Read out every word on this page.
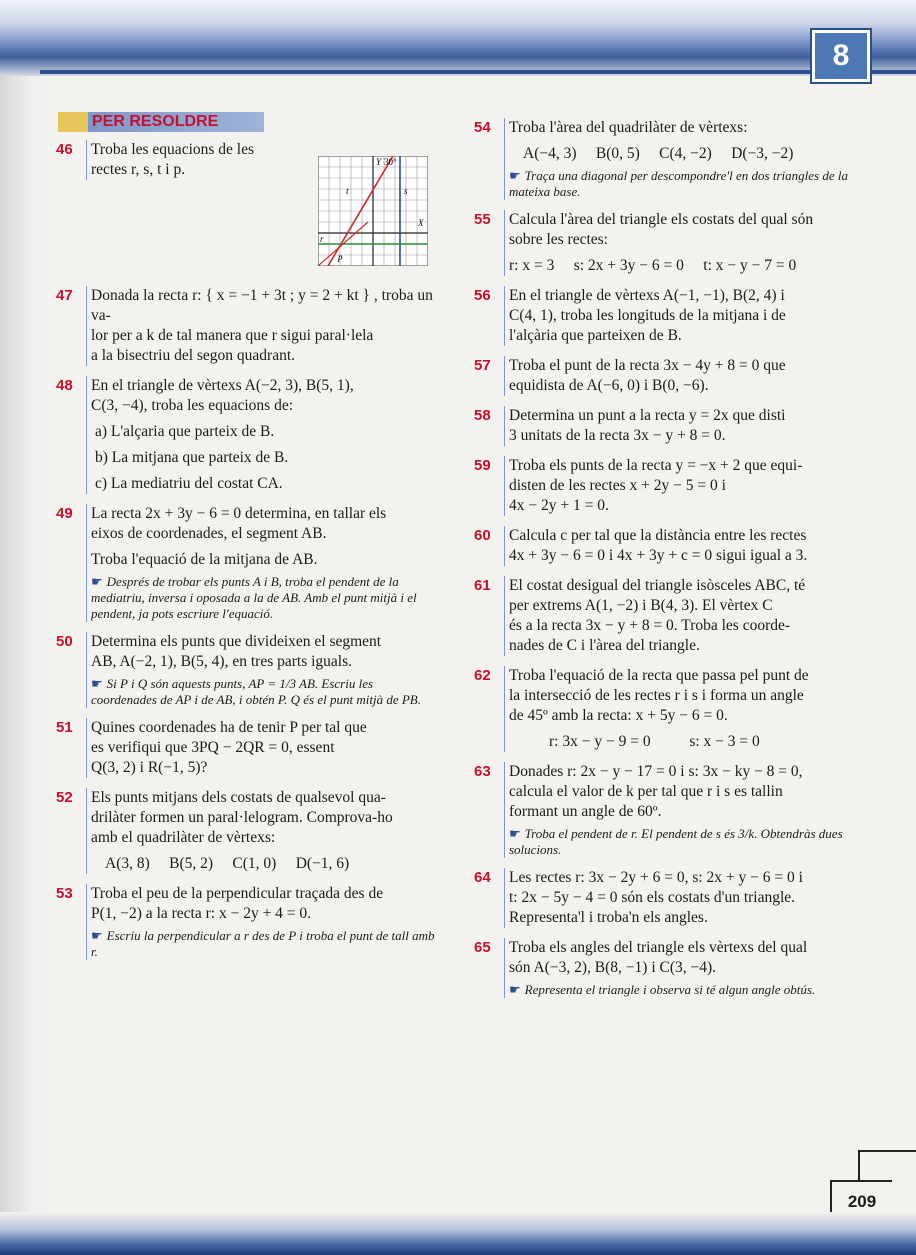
8
PER RESOLDRE
Y 30°
t	s
X
r
p
46 Troba les equacions de les
rectes r, s, t i p.
47 Donada la recta r: { x = −1 + 3t ; y = 2 + kt } , troba un va-
lor per a k de tal manera que r sigui paral·lela
a la bisectriu del segon quadrant.
48 En el triangle de vèrtexs A(−2, 3), B(5, 1),
C(3, −4), troba les equacions de:
a) L'alçaria que parteix de B.
b) La mitjana que parteix de B.
c) La mediatriu del costat CA.
49 La recta 2x + 3y − 6 = 0 determina, en tallar els
eixos de coordenades, el segment AB.
Troba l'equació de la mitjana de AB.
☛ Després de trobar els punts A i B, troba el pendent de la mediatriu, inversa i oposada a la de AB. Amb el punt mitjà i el pendent, ja pots escriure l'equació.
50 Determina els punts que divideixen el segment
AB, A(−2, 1), B(5, 4), en tres parts iguals.
☛ Si P i Q són aquests punts, AP = 1/3 AB. Escriu les coordenades de AP i de AB, i obtén P. Q és el punt mitjà de PB.
51 Quines coordenades ha de tenir P per tal que
es verifiqui que 3PQ − 2QR = 0, essent
Q(3, 2) i R(−1, 5)?
52 Els punts mitjans dels costats de qualsevol qua-
drilàter formen un paral·lelogram. Comprova-ho
amb el quadrilàter de vèrtexs:
A(3, 8)     B(5, 2)     C(1, 0)     D(−1, 6)
53 Troba el peu de la perpendicular traçada des de
P(1, −2) a la recta r: x − 2y + 4 = 0.
☛ Escriu la perpendicular a r des de P i troba el punt de tall amb r.
54 Troba l'àrea del quadrilàter de vèrtexs:
A(−4, 3)     B(0, 5)     C(4, −2)     D(−3, −2)
☛ Traça una diagonal per descompondre'l en dos triangles de la mateixa base.
55 Calcula l'àrea del triangle els costats del qual són
sobre les rectes:
r: x = 3     s: 2x + 3y − 6 = 0     t: x − y − 7 = 0
56 En el triangle de vèrtexs A(−1, −1), B(2, 4) i
C(4, 1), troba les longituds de la mitjana i de
l'alçària que parteixen de B.
57 Troba el punt de la recta 3x − 4y + 8 = 0 que
equidista de A(−6, 0) i B(0, −6).
58 Determina un punt a la recta y = 2x que disti
3 unitats de la recta 3x − y + 8 = 0.
59 Troba els punts de la recta y = −x + 2 que equi-
disten de les rectes x + 2y − 5 = 0 i
4x − 2y + 1 = 0.
60 Calcula c per tal que la distància entre les rectes
4x + 3y − 6 = 0 i 4x + 3y + c = 0 sigui igual a 3.
61 El costat desigual del triangle isòsceles ABC, té
per extrems A(1, −2) i B(4, 3). El vèrtex C
és a la recta 3x − y + 8 = 0. Troba les coorde-
nades de C i l'àrea del triangle.
62 Troba l'equació de la recta que passa pel punt de
la intersecció de les rectes r i s i forma un angle
de 45º amb la recta: x + 5y − 6 = 0.
r: 3x − y − 9 = 0          s: x − 3 = 0
63 Donades r: 2x − y − 17 = 0 i s: 3x − ky − 8 = 0,
calcula el valor de k per tal que r i s es tallin
formant un angle de 60º.
☛ Troba el pendent de r. El pendent de s és 3/k. Obtendràs dues solucions.
64 Les rectes r: 3x − 2y + 6 = 0, s: 2x + y − 6 = 0 i
t: 2x − 5y − 4 = 0 són els costats d'un triangle.
Representa'l i troba'n els angles.
65 Troba els angles del triangle els vèrtexs del qual
són A(−3, 2), B(8, −1) i C(3, −4).
☛ Representa el triangle i observa si té algun angle obtús.
209
